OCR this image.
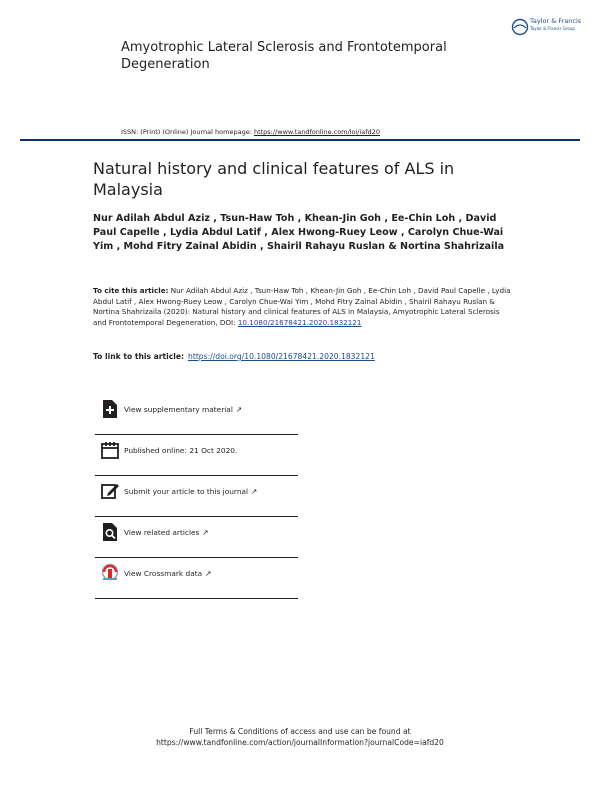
Taylor & Francis
Taylor & Francis Group
Amyotrophic Lateral Sclerosis and Frontotemporal Degeneration
ISSN: (Print) (Online) Journal homepage: https://www.tandfonline.com/loi/iafd20
Natural history and clinical features of ALS in Malaysia
Nur Adilah Abdul Aziz , Tsun-Haw Toh , Khean-Jin Goh , Ee-Chin Loh , David Paul Capelle , Lydia Abdul Latif , Alex Hwong-Ruey Leow , Carolyn Chue-Wai Yim , Mohd Fitry Zainal Abidin , Shairil Rahayu Ruslan & Nortina Shahrizaila
To cite this article: Nur Adilah Abdul Aziz , Tsun-Haw Toh , Khean-Jin Goh , Ee-Chin Loh , David Paul Capelle , Lydia Abdul Latif , Alex Hwong-Ruey Leow , Carolyn Chue-Wai Yim , Mohd Fitry Zainal Abidin , Shairil Rahayu Ruslan & Nortina Shahrizaila (2020): Natural history and clinical features of ALS in Malaysia, Amyotrophic Lateral Sclerosis and Frontotemporal Degeneration, DOI: 10.1080/21678421.2020.1832121
To link to this article: https://doi.org/10.1080/21678421.2020.1832121
View supplementary material ↗
Published online: 21 Oct 2020.
Submit your article to this journal ↗
View related articles ↗
View Crossmark data ↗
Full Terms & Conditions of access and use can be found at
https://www.tandfonline.com/action/journalInformation?journalCode=iafd20
